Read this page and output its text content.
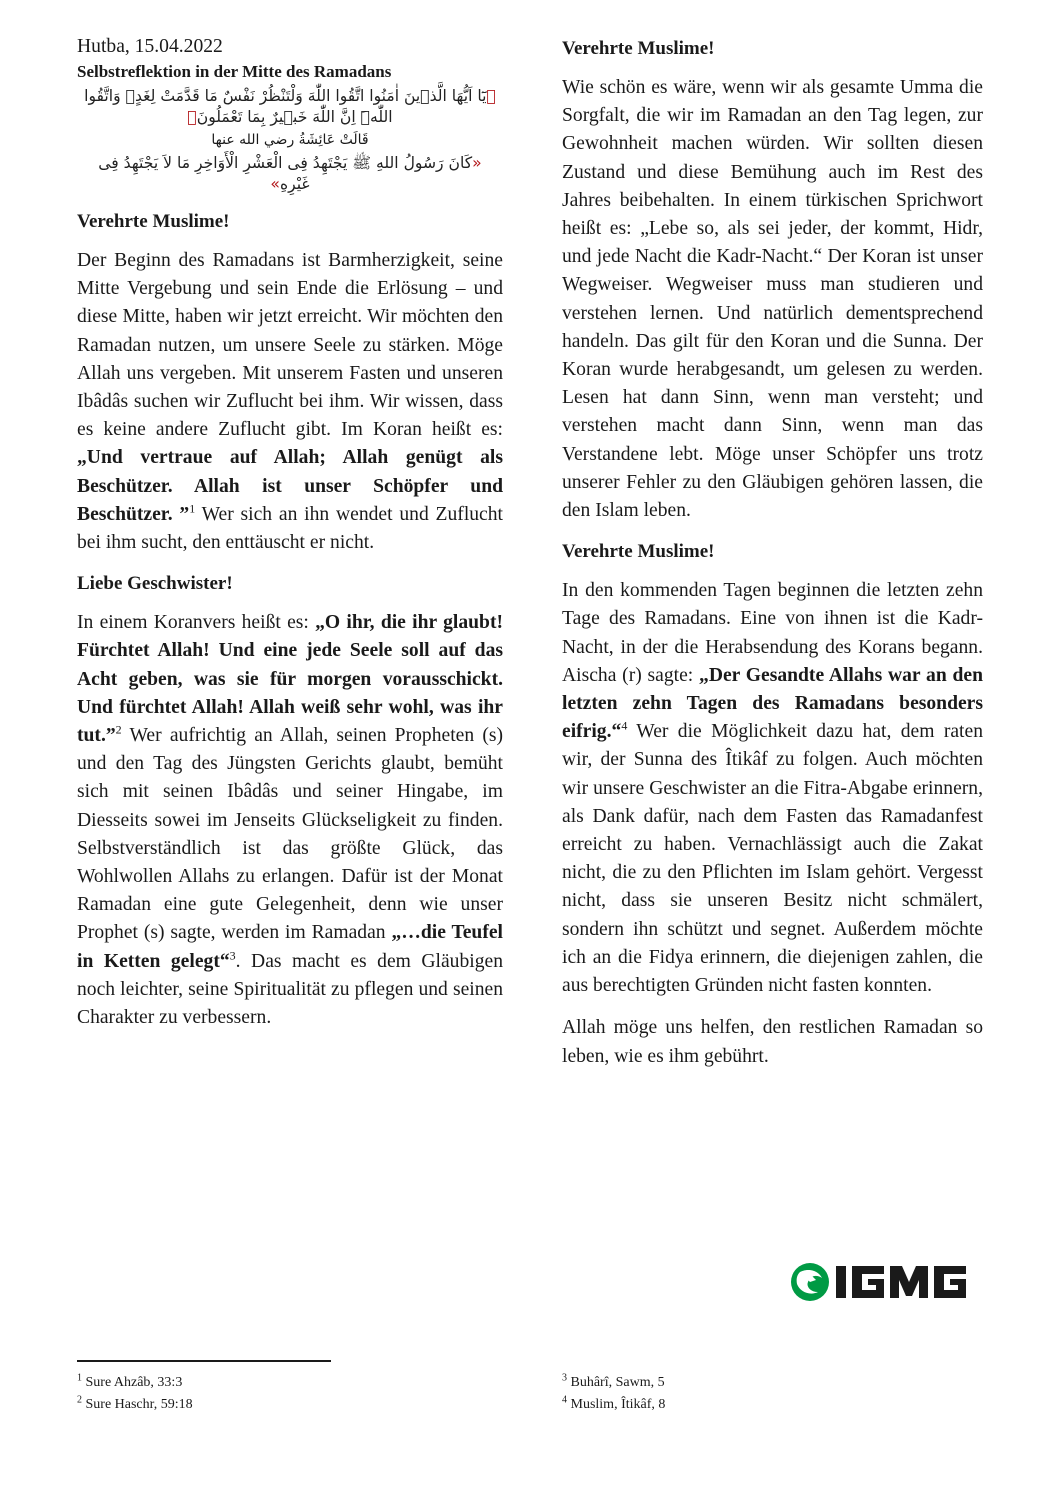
Hutba, 15.04.2022
Selbstreflektion in der Mitte des Ramadans
﴿يَٓا اَيُّهَا الَّذٖينَ اٰمَنُوا اتَّقُوا اللّٰهَ وَلْتَنْظُرْ نَفْسٌ مَا قَدَّمَتْ لِغَدٍۚ وَاتَّقُوا اللّٰهَۜ اِنَّ اللّٰهَ خَبٖيرٌ بِمَا تَعْمَلُونَ﴾
قَالَتْ عَائِشَةُ رضي الله عنها
«كَانَ رَسُولُ اللهِ ﷺ يَجْتَهِدُ فِى الْعَشْرِ الْأَوَاخِرِ مَا لاَ يَجْتَهِدُ فِى غَيْرِهِ»
Verehrte Muslime!

Der Beginn des Ramadans ist Barmherzigkeit, seine Mitte Vergebung und sein Ende die Erlösung – und diese Mitte, haben wir jetzt erreicht. Wir möchten den Ramadan nutzen, um unsere Seele zu stärken. Möge Allah uns vergeben. Mit unserem Fasten und unseren Ibâdâs suchen wir Zuflucht bei ihm. Wir wissen, dass es keine andere Zuflucht gibt. Im Koran heißt es: „Und vertraue auf Allah; Allah genügt als Beschützer. Allah ist unser Schöpfer und Beschützer. ”$^1$ Wer sich an ihn wendet und Zuflucht bei ihm sucht, den enttäuscht er nicht.

Liebe Geschwister!

In einem Koranvers heißt es: „O ihr, die ihr glaubt! Fürchtet Allah! Und eine jede Seele soll auf das Acht geben, was sie für morgen vorausschickt. Und fürchtet Allah! Allah weiß sehr wohl, was ihr tut.”$^2$ Wer aufrichtig an Allah, seinen Propheten (s) und den Tag des Jüngsten Gerichts glaubt, bemüht sich mit seinen Ibâdâs und seiner Hingabe, im Diesseits sowei im Jenseits Glückseligkeit zu finden. Selbstverständlich ist das größte Glück, das Wohlwollen Allahs zu erlangen. Dafür ist der Monat Ramadan eine gute Gelegenheit, denn wie unser Prophet (s) sagte, werden im Ramadan „…die Teufel in Ketten gelegt“$^3$. Das macht es dem Gläubigen noch leichter, seine Spiritualität zu pflegen und seinen Charakter zu verbessern.

Verehrte Muslime!

Wie schön es wäre, wenn wir als gesamte Umma die Sorgfalt, die wir im Ramadan an den Tag legen, zur Gewohnheit machen würden. Wir sollten diesen Zustand und diese Bemühung auch im Rest des Jahres beibehalten. In einem türkischen Sprichwort heißt es: „Lebe so, als sei jeder, der kommt, Hidr, und jede Nacht die Kadr-Nacht.“ Der Koran ist unser Wegweiser. Wegweiser muss man studieren und verstehen lernen. Und natürlich dementsprechend handeln. Das gilt für den Koran und die Sunna. Der Koran wurde herabgesandt, um gelesen zu werden. Lesen hat dann Sinn, wenn man versteht; und verstehen macht dann Sinn, wenn man das Verstandene lebt. Möge unser Schöpfer uns trotz unserer Fehler zu den Gläubigen gehören lassen, die den Islam leben.

Verehrte Muslime!

In den kommenden Tagen beginnen die letzten zehn Tage des Ramadans. Eine von ihnen ist die Kadr-Nacht, in der die Herabsendung des Korans begann. Aischa (r) sagte: „Der Gesandte Allahs war an den letzten zehn Tagen des Ramadans besonders eifrig.“$^4$ Wer die Möglichkeit dazu hat, dem raten wir, der Sunna des Îtikâf zu folgen. Auch möchten wir unsere Geschwister an die Fitra-Abgabe erinnern, als Dank dafür, nach dem Fasten das Ramadanfest erreicht zu haben. Vernachlässigt auch die Zakat nicht, die zu den Pflichten im Islam gehört. Vergesst nicht, dass sie unseren Besitz nicht schmälert, sondern ihn schützt und segnet. Außerdem möchte ich an die Fidya erinnern, die diejenigen zahlen, die aus berechtigten Gründen nicht fasten konnten.

Allah möge uns helfen, den restlichen Ramadan so leben, wie es ihm gebührt.

$^1$ Sure Ahzâb, 33:3
$^2$ Sure Haschr, 59:18
$^3$ Buhârî, Sawm, 5
$^4$ Muslim, Îtikâf, 8
